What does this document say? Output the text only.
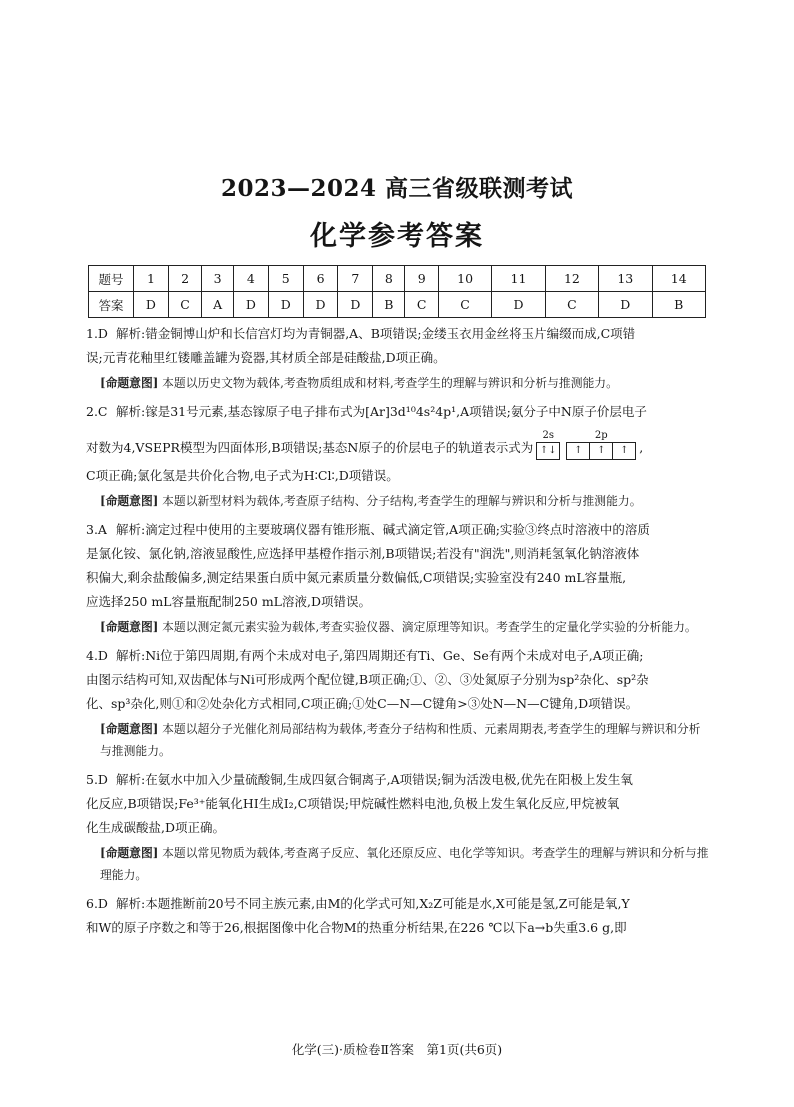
2023—2024 高三省级联测考试
化学参考答案
题号	1	2	3	4	5	6	7	8	9	10	11	12	13	14
答案	D	C	A	D	D	D	D	B	C	C	D	C	D	B
1.D 解析:错金铜博山炉和长信宫灯均为青铜器,A、B项错误;金缕玉衣用金丝将玉片编缀而成,C项错
误;元青花釉里红镂雕盖罐为瓷器,其材质全部是硅酸盐,D项正确。
[命题意图] 本题以历史文物为载体,考查物质组成和材料,考查学生的理解与辨识和分析与推测能力。
2.C 解析:镓是31号元素,基态镓原子电子排布式为[Ar]3d¹⁰4s²4p¹,A项错误;氨分子中N原子价层电子
对数为4,VSEPR模型为四面体形,B项错误;基态N原子的价层电子的轨道表示式为
2s
↑↓
2p
↑	↑	↑ ,
C项正确;氯化氢是共价化合物,电子式为H∶Cl∶,D项错误。
[命题意图] 本题以新型材料为载体,考查原子结构、分子结构,考查学生的理解与辨识和分析与推测能力。
3.A 解析:滴定过程中使用的主要玻璃仪器有锥形瓶、碱式滴定管,A项正确;实验③终点时溶液中的溶质
是氯化铵、氯化钠,溶液显酸性,应选择甲基橙作指示剂,B项错误;若没有"润洗",则消耗氢氧化钠溶液体
积偏大,剩余盐酸偏多,测定结果蛋白质中氮元素质量分数偏低,C项错误;实验室没有240 mL容量瓶,
应选择250 mL容量瓶配制250 mL溶液,D项错误。
[命题意图] 本题以测定氮元素实验为载体,考查实验仪器、滴定原理等知识。考查学生的定量化学实验的分析能力。
4.D 解析:Ni位于第四周期,有两个未成对电子,第四周期还有Ti、Ge、Se有两个未成对电子,A项正确;
由图示结构可知,双齿配体与Ni可形成两个配位键,B项正确;①、②、③处氮原子分别为sp²杂化、sp²杂
化、sp³杂化,则①和②处杂化方式相同,C项正确;①处C—N—C键角>③处N—N—C键角,D项错误。
[命题意图] 本题以超分子光催化剂局部结构为载体,考查分子结构和性质、元素周期表,考查学生的理解与辨识和分析与推测能力。
5.D 解析:在氨水中加入少量硫酸铜,生成四氨合铜离子,A项错误;铜为活泼电极,优先在阳极上发生氧
化反应,B项错误;Fe³⁺能氧化HI生成I₂,C项错误;甲烷碱性燃料电池,负极上发生氧化反应,甲烷被氧
化生成碳酸盐,D项正确。
[命题意图] 本题以常见物质为载体,考查离子反应、氧化还原反应、电化学等知识。考查学生的理解与辨识和分析与推理能力。
6.D 解析:本题推断前20号不同主族元素,由M的化学式可知,X₂Z可能是水,X可能是氢,Z可能是氧,Y
和W的原子序数之和等于26,根据图像中化合物M的热重分析结果,在226 ℃以下a→b失重3.6 g,即
化学(三)·质检卷Ⅱ答案　第1页(共6页)
